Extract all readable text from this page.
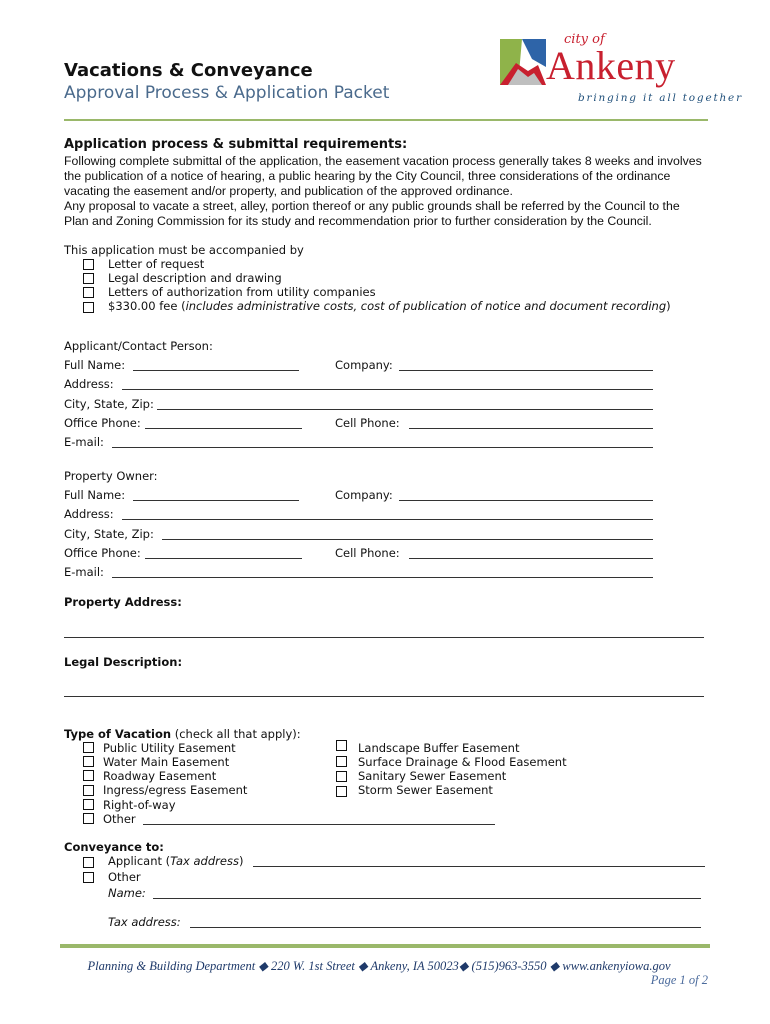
Vacations & Conveyance
Approval Process & Application Packet
city of
Ankeny
bringing it all together
Application process & submittal requirements:
Following complete submittal of the application, the easement vacation process generally takes 8 weeks and involves the publication of a notice of hearing, a public hearing by the City Council, three considerations of the ordinance vacating the easement and/or property, and publication of the approved ordinance.
Any proposal to vacate a street, alley, portion thereof or any public grounds shall be referred by the Council to the Plan and Zoning Commission for its study and recommendation prior to further consideration by the Council.
This application must be accompanied by
Letter of request
Legal description and drawing
Letters of authorization from utility companies
$330.00 fee (includes administrative costs, cost of publication of notice and document recording)
Applicant/Contact Person:
Full Name:	Company:
Address:
City, State, Zip:
Office Phone:	Cell Phone:
E-mail:
Property Owner:
Full Name:	Company:
Address:
City, State, Zip:
Office Phone:	Cell Phone:
E-mail:
Property Address:
Legal Description:
Type of Vacation (check all that apply):
Public Utility Easement
Water Main Easement
Roadway Easement
Ingress/egress Easement
Right-of-way
Other
Landscape Buffer Easement
Surface Drainage & Flood Easement
Sanitary Sewer Easement
Storm Sewer Easement
Conveyance to:
Applicant (Tax address)
Other
Name:
Tax address:
Planning & Building Department ◆ 220 W. 1st Street ◆ Ankeny, IA 50023◆ (515)963-3550 ◆ www.ankenyiowa.gov
Page 1 of 2
